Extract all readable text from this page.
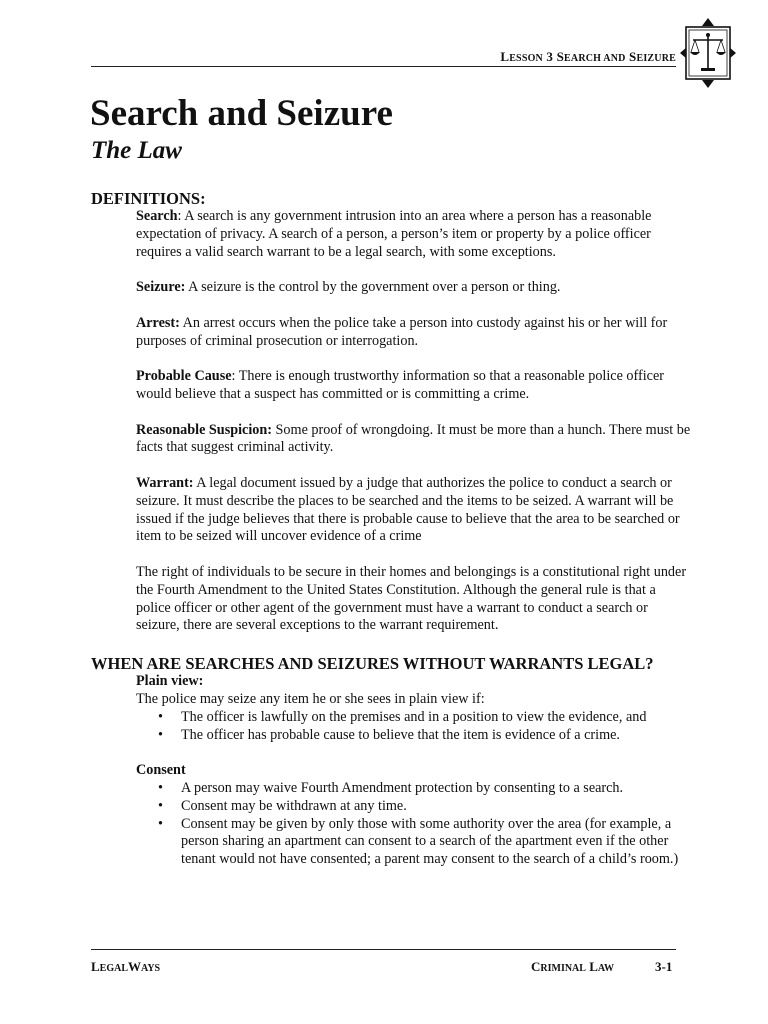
LESSON 3 SEARCH AND SEIZURE
Search and Seizure
The Law
DEFINITIONS:

Search: A search is any government intrusion into an area where a person has a reasonable expectation of privacy. A search of a person, a person’s item or property by a police officer requires a valid search warrant to be a legal search, with some exceptions.

Seizure: A seizure is the control by the government over a person or thing.

Arrest: An arrest occurs when the police take a person into custody against his or her will for purposes of criminal prosecution or interrogation.

Probable Cause: There is enough trustworthy information so that a reasonable police officer would believe that a suspect has committed or is committing a crime.

Reasonable Suspicion: Some proof of wrongdoing. It must be more than a hunch. There must be facts that suggest criminal activity.

Warrant: A legal document issued by a judge that authorizes the police to conduct a search or seizure. It must describe the places to be searched and the items to be seized. A warrant will be issued if the judge believes that there is probable cause to believe that the area to be searched or item to be seized will uncover evidence of a crime

The right of individuals to be secure in their homes and belongings is a constitutional right under the Fourth Amendment to the United States Constitution. Although the general rule is that a police officer or other agent of the government must have a warrant to conduct a search or seizure, there are several exceptions to the warrant requirement.

WHEN ARE SEARCHES AND SEIZURES WITHOUT WARRANTS LEGAL?

Plain view:

The police may seize any item he or she sees in plain view if:

• The officer is lawfully on the premises and in a position to view the evidence, and
• The officer has probable cause to believe that the item is evidence of a crime.

Consent

• A person may waive Fourth Amendment protection by consenting to a search.
• Consent may be withdrawn at any time.
• Consent may be given by only those with some authority over the area (for example, a person sharing an apartment can consent to a search of the apartment even if the other tenant would not have consented; a parent may consent to the search of a child’s room.)
LEGALWAYS	CRIMINAL LAW	3-1
